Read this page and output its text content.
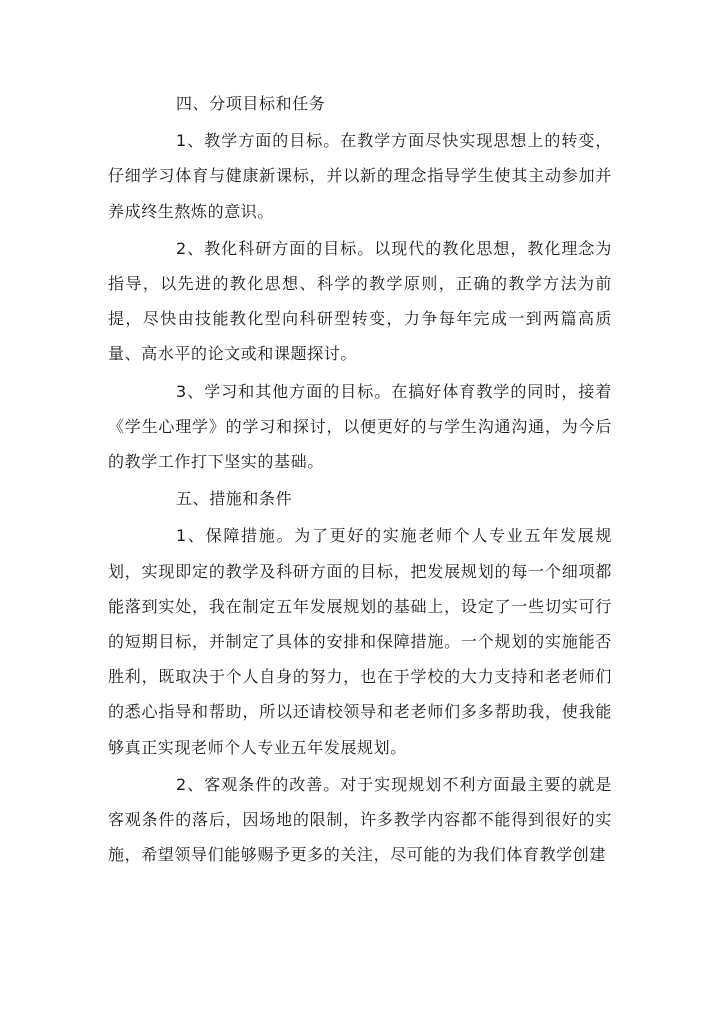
四、分项目标和任务

1、教学方面的目标。在教学方面尽快实现思想上的转变，仔细学习体育与健康新课标，并以新的理念指导学生使其主动参加并养成终生熬炼的意识。

2、教化科研方面的目标。以现代的教化思想，教化理念为指导，以先进的教化思想、科学的教学原则，正确的教学方法为前提，尽快由技能教化型向科研型转变，力争每年完成一到两篇高质量、高水平的论文或和课题探讨。

3、学习和其他方面的目标。在搞好体育教学的同时，接着《学生心理学》的学习和探讨，以便更好的与学生沟通沟通，为今后的教学工作打下坚实的基础。

五、措施和条件

1、保障措施。为了更好的实施老师个人专业五年发展规划，实现即定的教学及科研方面的目标，把发展规划的每一个细项都能落到实处，我在制定五年发展规划的基础上，设定了一些切实可行的短期目标，并制定了具体的安排和保障措施。一个规划的实施能否胜利，既取决于个人自身的努力，也在于学校的大力支持和老老师们的悉心指导和帮助，所以还请校领导和老老师们多多帮助我，使我能够真正实现老师个人专业五年发展规划。

2、客观条件的改善。对于实现规划不利方面最主要的就是客观条件的落后，因场地的限制，许多教学内容都不能得到很好的实施，希望领导们能够赐予更多的关注，尽可能的为我们体育教学创建
